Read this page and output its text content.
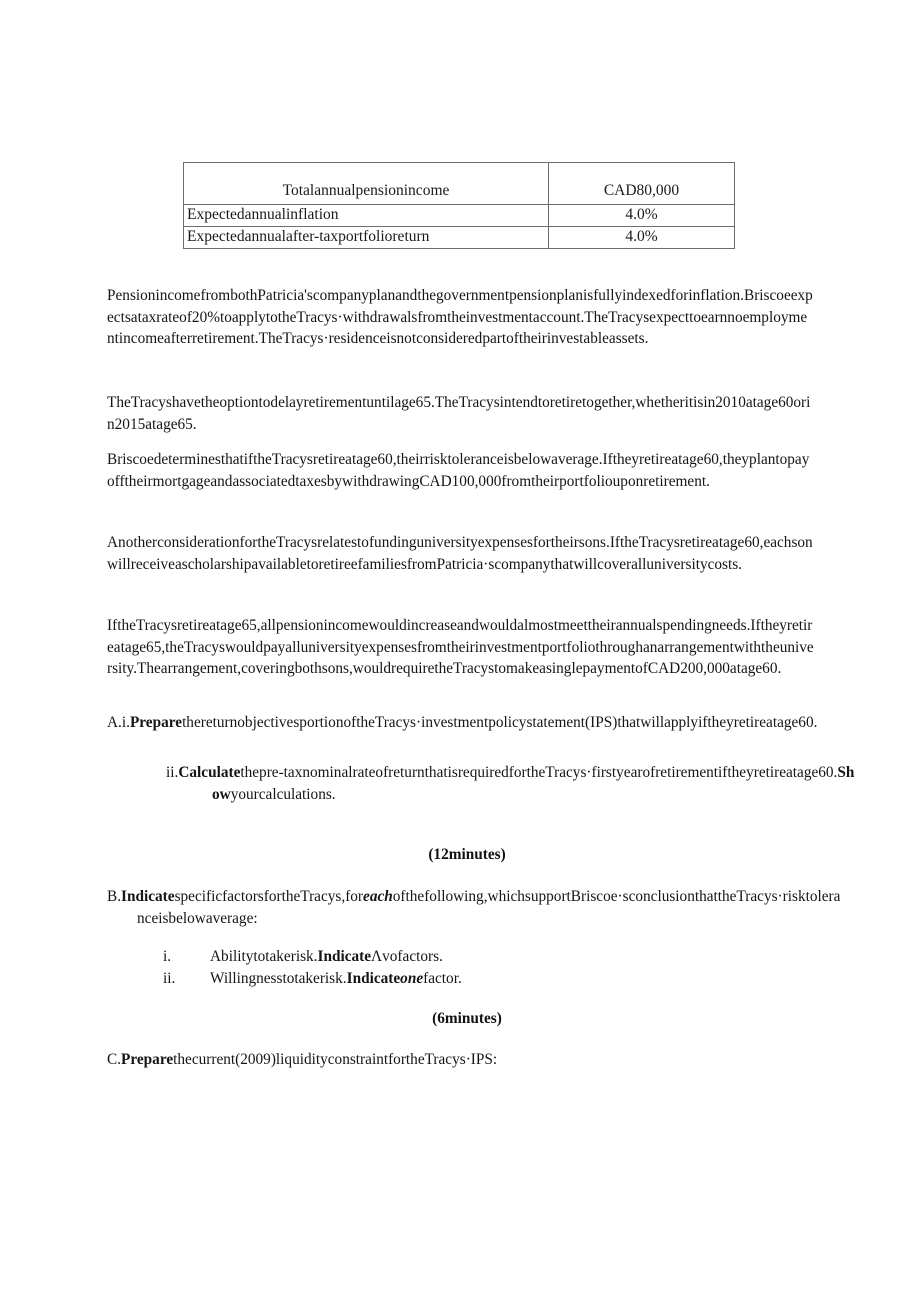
Totalannualpensionincome	CAD80,000
Expectedannualinflation	4.0%
Expectedannualafter-taxportfolioreturn	4.0%

PensionincomefrombothPatricia'scompanyplanandthegovernmentpensionplanisfullyindexedforinflation.Briscoeexpectsataxrateof20%toapplytotheTracys·withdrawalsfromtheinvestmentaccount.TheTracysexpecttoearnnoemploymentincomeafterretirement.TheTracys·residenceisnotconsideredpartoftheirinvestableassets.

TheTracyshavetheoptiontodelayretirementuntilage65.TheTracysintendtoretiretogether,whetheritisin2010atage60orin2015atage65.

BriscoedeterminesthatiftheTracysretireatage60,theirrisktoleranceisbelowaverage.Iftheyretireatage60,theyplantopayofftheirmortgageandassociatedtaxesbywithdrawingCAD100,000fromtheirportfoliouponretirement.

AnotherconsiderationfortheTracysrelatestofundinguniversityexpensesfortheirsons.IftheTracysretireatage60,eachsonwillreceiveascholarshipavailabletoretireefamiliesfromPatricia·scompanythatwillcoveralluniversitycosts.

IftheTracysretireatage65,allpensionincomewouldincreaseandwouldalmostmeettheirannualspendingneeds.Iftheyretireatage65,theTracyswouldpayalluniversityexpensesfromtheirinvestmentportfoliothroughanarrangementwiththeuniversity.Thearrangement,coveringbothsons,wouldrequiretheTracystomakeasinglepaymentofCAD200,000atage60.

A.i.PreparethereturnobjectivesportionoftheTracys·investmentpolicystatement(IPS)thatwillapplyiftheyretireatage60.
ii.Calculatethepre-taxnominalrateofreturnthatisrequiredfortheTracys·firstyearofretirementiftheyretireatage60.Showyourcalculations.
(12minutes)
B.IndicatespecificfactorsfortheTracys,foreachofthefollowing,whichsupportBriscoe·sconclusionthattheTracys·risktoleranceisbelowaverage:
i.	Abilitytotakerisk.IndicateΛvofactors.
ii.	Willingnesstotakerisk.Indicateonefactor.
(6minutes)
C.Preparethecurrent(2009)liquidityconstraintfortheTracys·IPS:
